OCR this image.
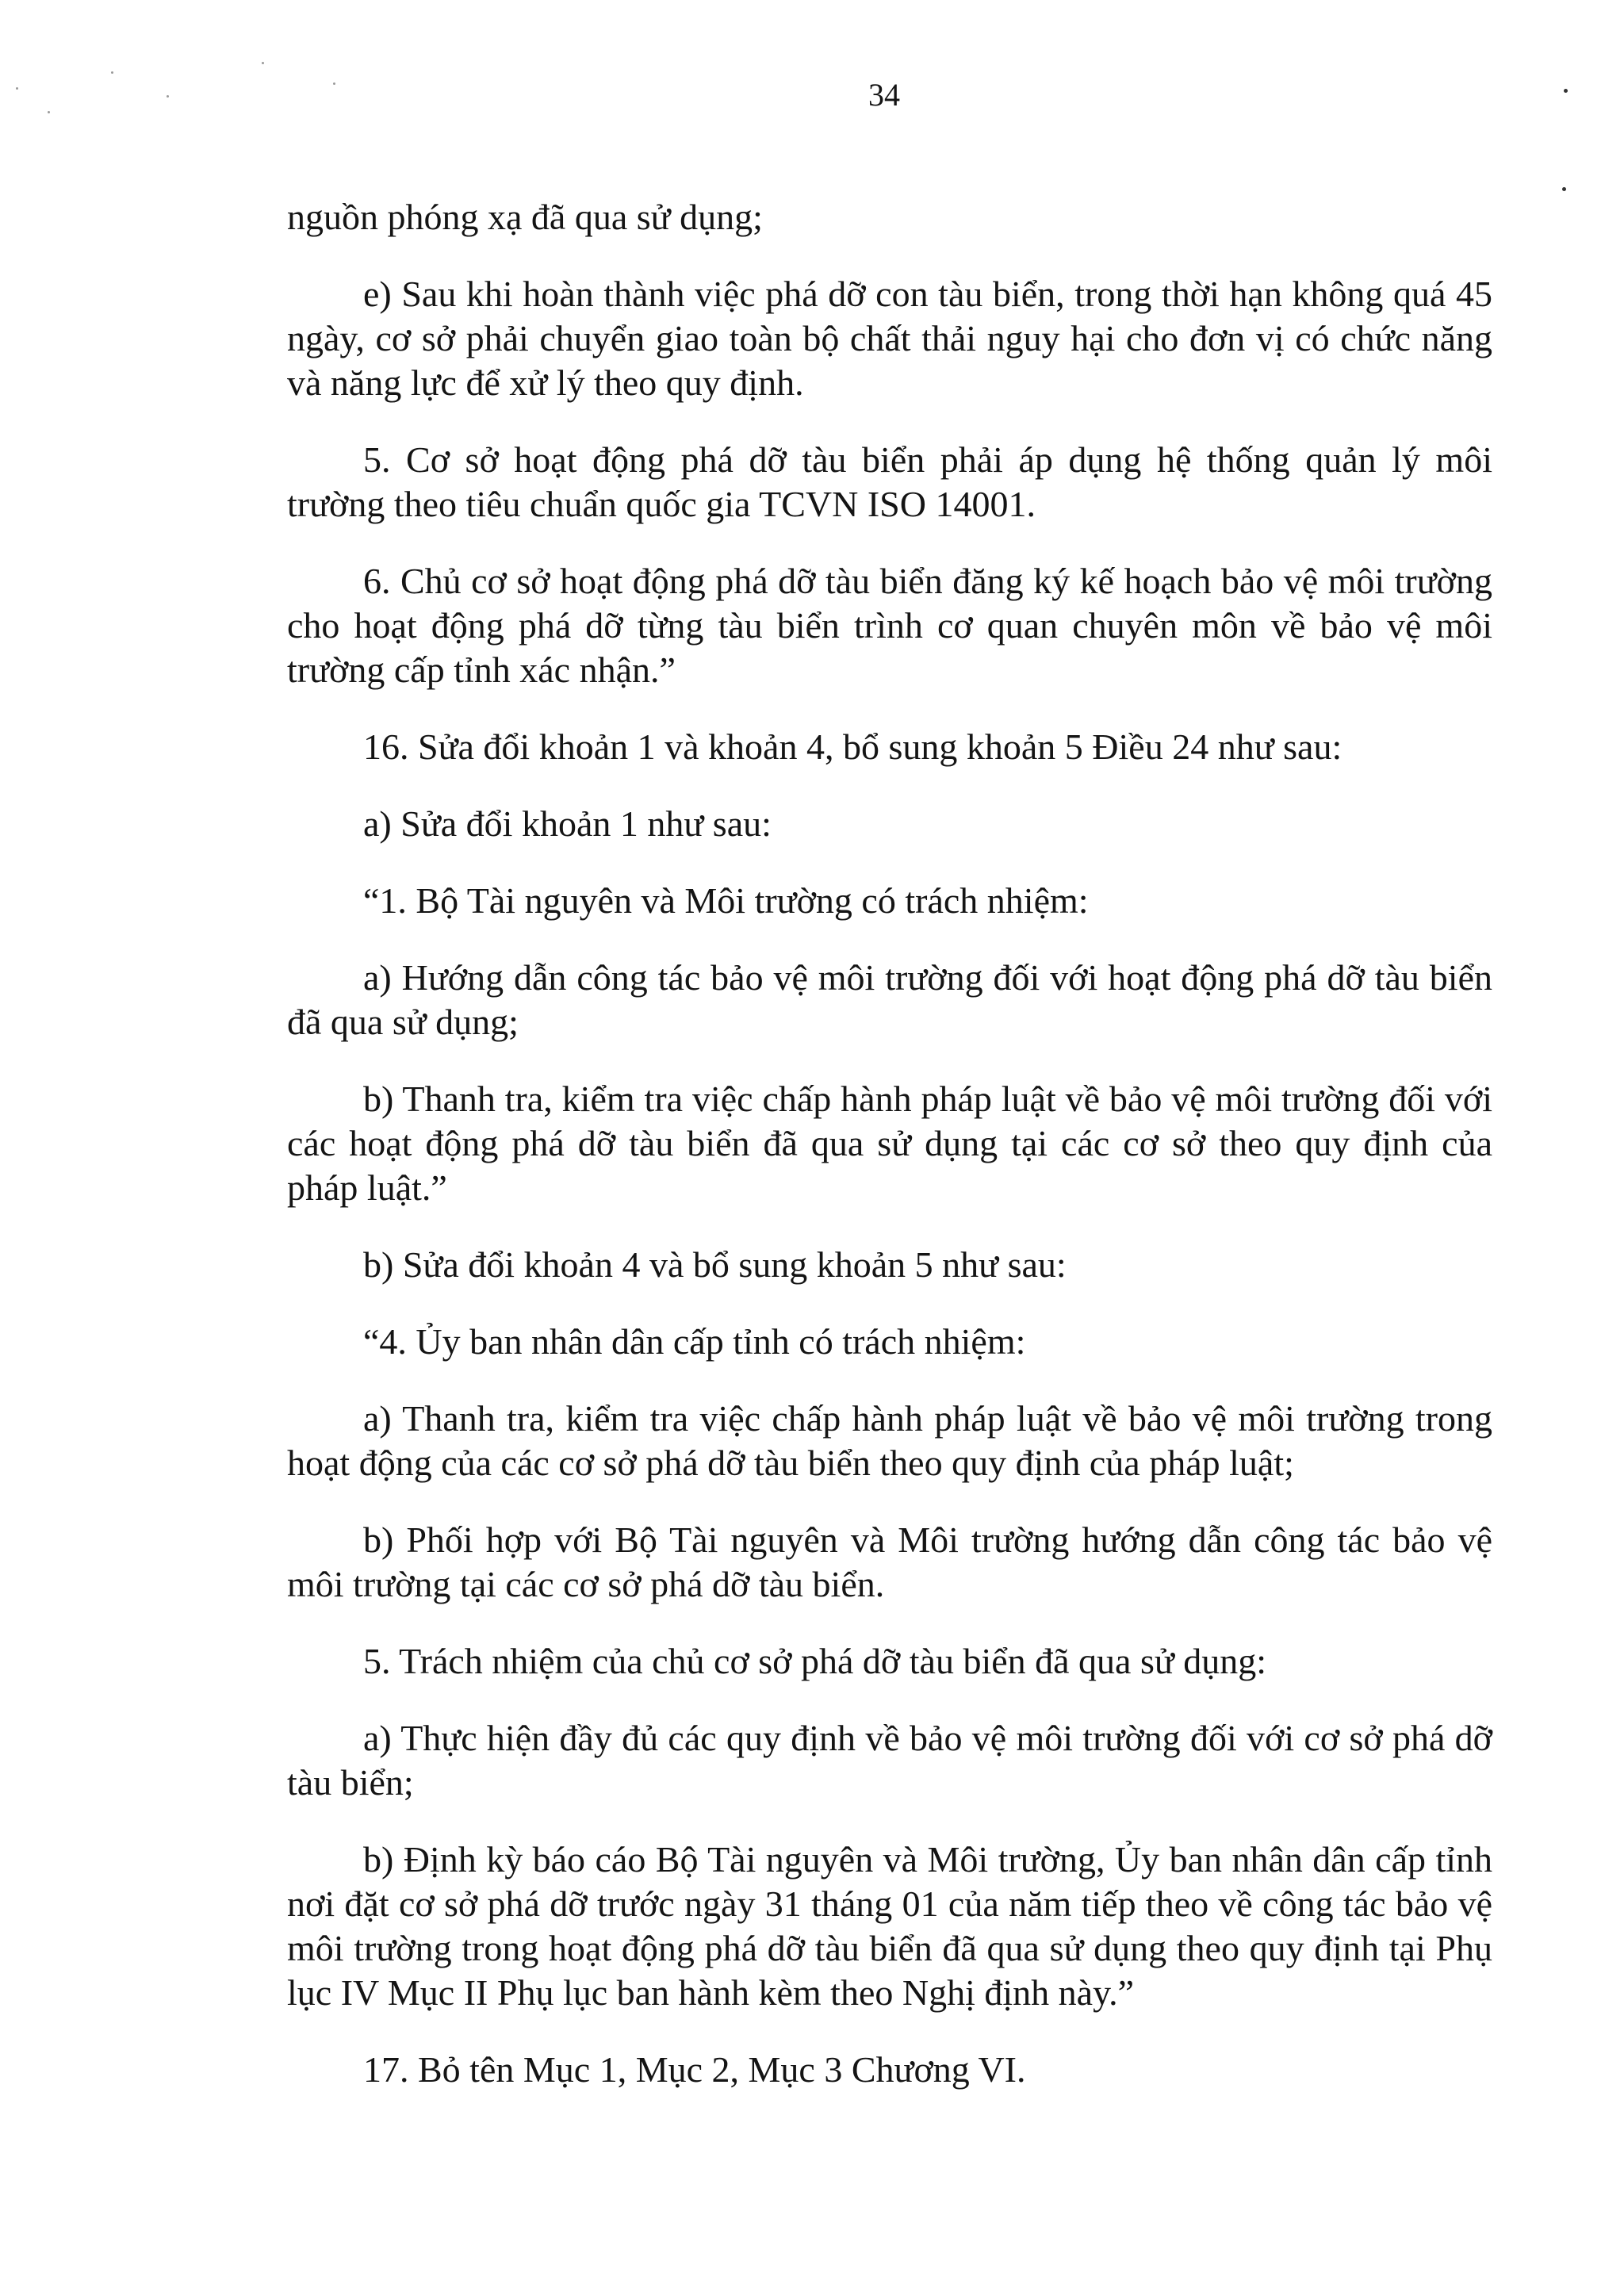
34

nguồn phóng xạ đã qua sử dụng;

e) Sau khi hoàn thành việc phá dỡ con tàu biển, trong thời hạn không quá 45 ngày, cơ sở phải chuyển giao toàn bộ chất thải nguy hại cho đơn vị có chức năng và năng lực để xử lý theo quy định.

5. Cơ sở hoạt động phá dỡ tàu biển phải áp dụng hệ thống quản lý môi trường theo tiêu chuẩn quốc gia TCVN ISO 14001.

6. Chủ cơ sở hoạt động phá dỡ tàu biển đăng ký kế hoạch bảo vệ môi trường cho hoạt động phá dỡ từng tàu biển trình cơ quan chuyên môn về bảo vệ môi trường cấp tỉnh xác nhận.”

16. Sửa đổi khoản 1 và khoản 4, bổ sung khoản 5 Điều 24 như sau:

a) Sửa đổi khoản 1 như sau:

“1. Bộ Tài nguyên và Môi trường có trách nhiệm:

a) Hướng dẫn công tác bảo vệ môi trường đối với hoạt động phá dỡ tàu biển đã qua sử dụng;

b) Thanh tra, kiểm tra việc chấp hành pháp luật về bảo vệ môi trường đối với các hoạt động phá dỡ tàu biển đã qua sử dụng tại các cơ sở theo quy định của pháp luật.”

b) Sửa đổi khoản 4 và bổ sung khoản 5 như sau:

“4. Ủy ban nhân dân cấp tỉnh có trách nhiệm:

a) Thanh tra, kiểm tra việc chấp hành pháp luật về bảo vệ môi trường trong hoạt động của các cơ sở phá dỡ tàu biển theo quy định của pháp luật;

b) Phối hợp với Bộ Tài nguyên và Môi trường hướng dẫn công tác bảo vệ môi trường tại các cơ sở phá dỡ tàu biển.

5. Trách nhiệm của chủ cơ sở phá dỡ tàu biển đã qua sử dụng:

a) Thực hiện đầy đủ các quy định về bảo vệ môi trường đối với cơ sở phá dỡ tàu biển;

b) Định kỳ báo cáo Bộ Tài nguyên và Môi trường, Ủy ban nhân dân cấp tỉnh nơi đặt cơ sở phá dỡ trước ngày 31 tháng 01 của năm tiếp theo về công tác bảo vệ môi trường trong hoạt động phá dỡ tàu biển đã qua sử dụng theo quy định tại Phụ lục IV Mục II Phụ lục ban hành kèm theo Nghị định này.”

17. Bỏ tên Mục 1, Mục 2, Mục 3 Chương VI.
